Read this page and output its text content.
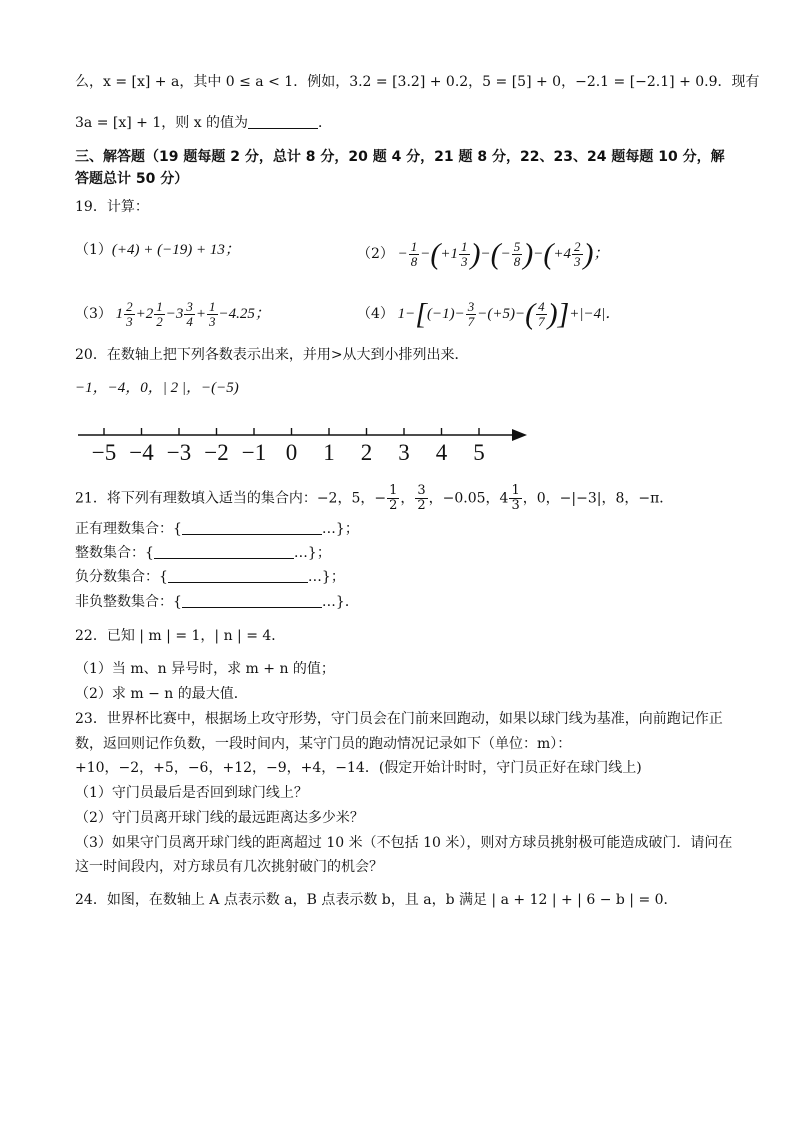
么，x = [x] + a，其中 0 ≤ a < 1．例如，3.2 = [3.2] + 0.2，5 = [5] + 0，−2.1 = [−2.1] + 0.9．现有
3a = [x] + 1，则 x 的值为	．
三、解答题（19 题每题 2 分，总计 8 分，20 题 4 分，21 题 8 分，22、23、24 题每题 10 分，解答题总计 50 分）
19．计算：
（1）(+4) + (−19) + 13；	$(2) - \frac{1}{8} -(+1 \frac{1}{3}$ )−(− $\frac{5}{8} )-(+4 \frac{2}{3}$ )；
（3） $1 \frac{2}{3} +2 \frac{1}{2} -3 \frac{3}{4} + \frac{1}{3} -4.25$；	（4） $1-[(-1)- \frac{3}{7} -(+5)-( \frac{4}{7} )]+|-4|$．
20．在数轴上把下列各数表示出来，并用>从大到小排列出来．
−1，−4，0，| 2 |，−(−5)
−5 −4 −3 −2 −1 0 1 2 3 4 5
21．将下列有理数填入适当的集合内：−2，5，− $\frac{1}{2}$ ， $\frac{3}{2}$ ，−0.05，$4 \frac{1}{3}$ ，0，−|−3|，8，−π．
正有理数集合：{	…}；
整数集合：{	…}；
负分数集合：{	…}；
非负整数集合：{	…}．
22．已知 | m | = 1，| n | = 4．
（1）当 m、n 异号时，求 m + n 的值；
（2）求 m − n 的最大值．
23．世界杯比赛中，根据场上攻守形势，守门员会在门前来回跑动，如果以球门线为基准，向前跑记作正
数，返回则记作负数，一段时间内，某守门员的跑动情况记录如下（单位：m）：
+10，−2，+5，−6，+12，−9，+4，−14．(假定开始计时时，守门员正好在球门线上)
（1）守门员最后是否回到球门线上？
（2）守门员离开球门线的最远距离达多少米？
（3）如果守门员离开球门线的距离超过 10 米（不包括 10 米），则对方球员挑射极可能造成破门．请问在
这一时间段内，对方球员有几次挑射破门的机会？
24．如图，在数轴上 A 点表示数 a，B 点表示数 b，且 a，b 满足 | a + 12 | + | 6 − b | = 0．
